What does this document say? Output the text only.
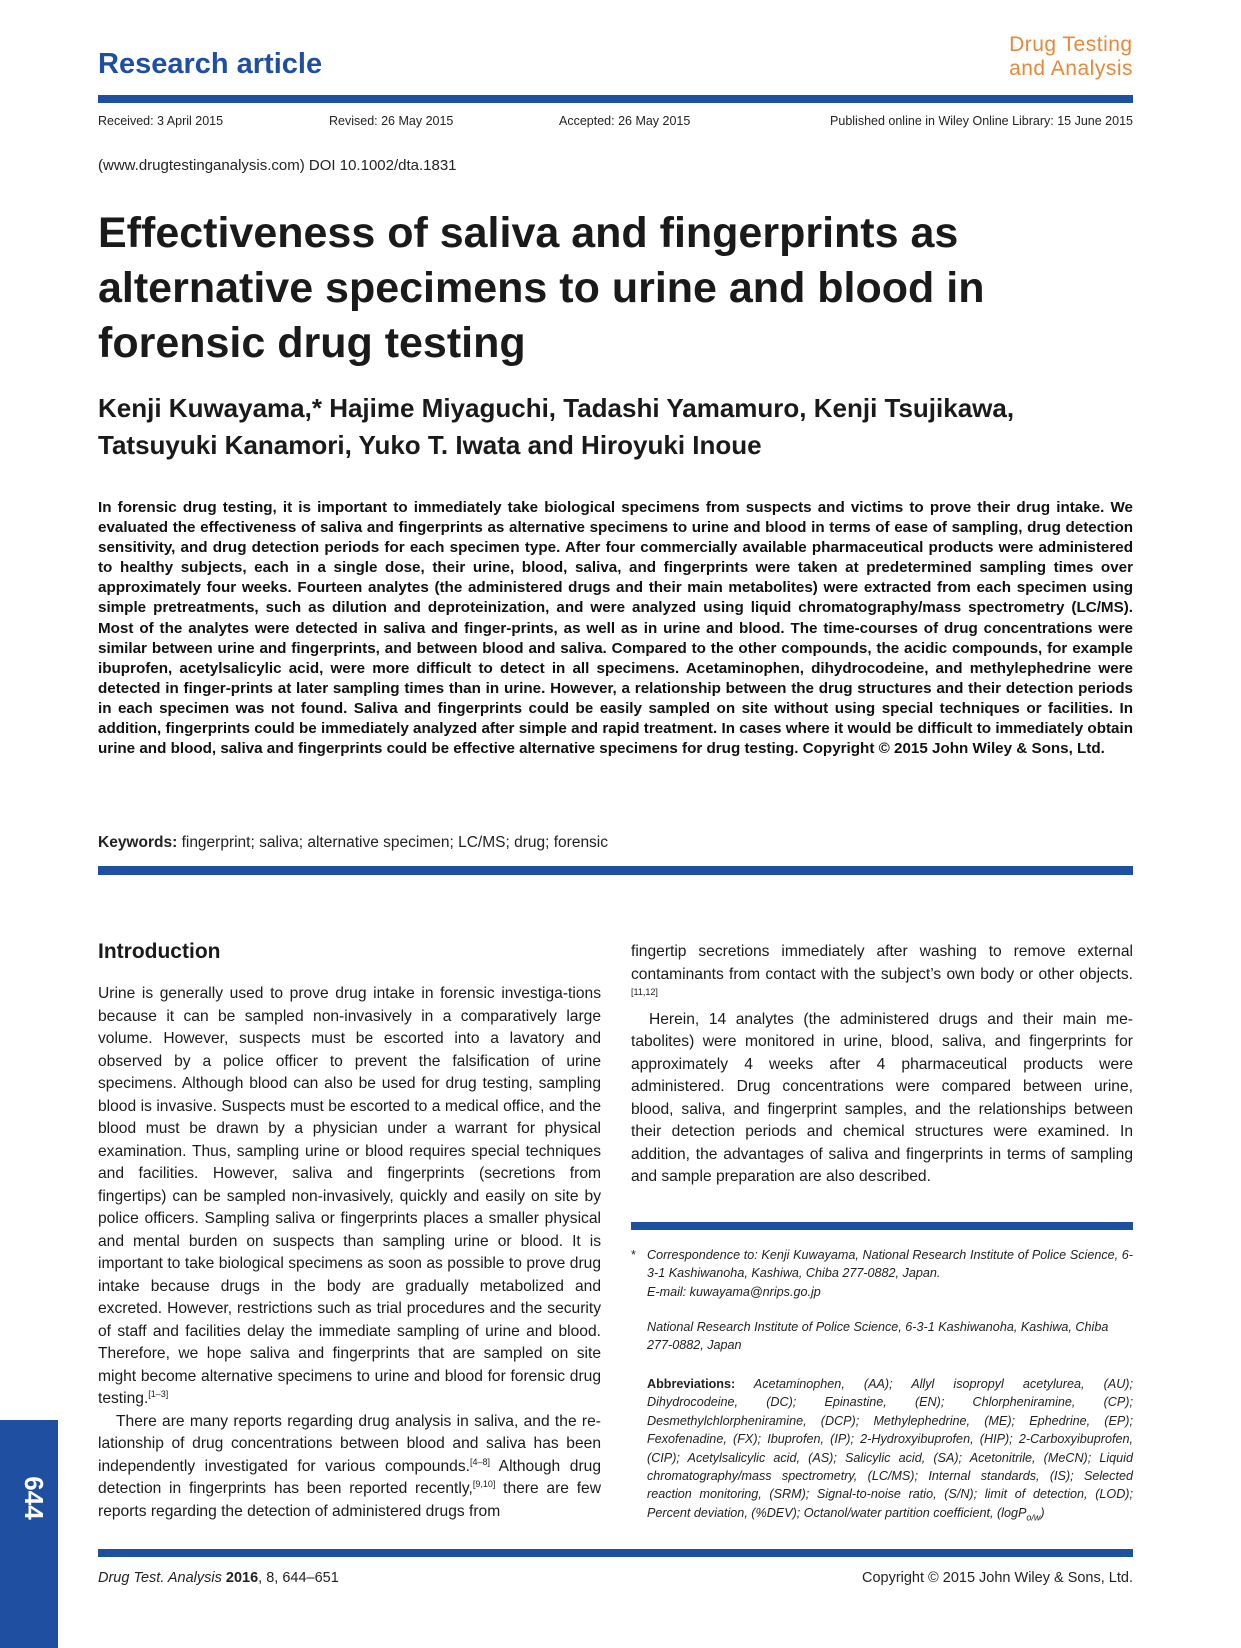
Research article
Drug Testing
and Analysis
Received: 3 April 2015	Revised: 26 May 2015	Accepted: 26 May 2015	Published online in Wiley Online Library: 15 June 2015
(www.drugtestinganalysis.com) DOI 10.1002/dta.1831
Effectiveness of saliva and fingerprints as alternative specimens to urine and blood in forensic drug testing
Kenji Kuwayama,* Hajime Miyaguchi, Tadashi Yamamuro, Kenji Tsujikawa, Tatsuyuki Kanamori, Yuko T. Iwata and Hiroyuki Inoue
In forensic drug testing, it is important to immediately take biological specimens from suspects and victims to prove their drug intake. We evaluated the effectiveness of saliva and fingerprints as alternative specimens to urine and blood in terms of ease of sampling, drug detection sensitivity, and drug detection periods for each specimen type. After four commercially available pharmaceutical products were administered to healthy subjects, each in a single dose, their urine, blood, saliva, and fingerprints were taken at predetermined sampling times over approximately four weeks. Fourteen analytes (the administered drugs and their main metabolites) were extracted from each specimen using simple pretreatments, such as dilution and deproteinization, and were analyzed using liquid chromatography/mass spectrometry (LC/MS). Most of the analytes were detected in saliva and finger-prints, as well as in urine and blood. The time-courses of drug concentrations were similar between urine and fingerprints, and between blood and saliva. Compared to the other compounds, the acidic compounds, for example ibuprofen, acetylsalicylic acid, were more difficult to detect in all specimens. Acetaminophen, dihydrocodeine, and methylephedrine were detected in finger-prints at later sampling times than in urine. However, a relationship between the drug structures and their detection periods in each specimen was not found. Saliva and fingerprints could be easily sampled on site without using special techniques or facilities. In addition, fingerprints could be immediately analyzed after simple and rapid treatment. In cases where it would be difficult to immediately obtain urine and blood, saliva and fingerprints could be effective alternative specimens for drug testing. Copyright © 2015 John Wiley & Sons, Ltd.
Keywords: fingerprint; saliva; alternative specimen; LC/MS; drug; forensic
Introduction

Urine is generally used to prove drug intake in forensic investiga-tions because it can be sampled non-invasively in a comparatively large volume. However, suspects must be escorted into a lavatory and observed by a police officer to prevent the falsification of urine specimens. Although blood can also be used for drug testing, sampling blood is invasive. Suspects must be escorted to a medical office, and the blood must be drawn by a physician under a warrant for physical examination. Thus, sampling urine or blood requires special techniques and facilities. However, saliva and fingerprints (secretions from fingertips) can be sampled non-invasively, quickly and easily on site by police officers. Sampling saliva or fingerprints places a smaller physical and mental burden on suspects than sampling urine or blood. It is important to take biological specimens as soon as possible to prove drug intake because drugs in the body are gradually metabolized and excreted. However, restrictions such as trial procedures and the security of staff and facilities delay the immediate sampling of urine and blood. Therefore, we hope saliva and fingerprints that are sampled on site might become alternative specimens to urine and blood for forensic drug testing.[1–3]

There are many reports regarding drug analysis in saliva, and the re-lationship of drug concentrations between blood and saliva has been independently investigated for various compounds.[4–8] Although drug detection in fingerprints has been reported recently,[9,10] there are few reports regarding the detection of administered drugs from

fingertip secretions immediately after washing to remove external contaminants from contact with the subject’s own body or other objects.[11,12]

Herein, 14 analytes (the administered drugs and their main me-tabolites) were monitored in urine, blood, saliva, and fingerprints for approximately 4 weeks after 4 pharmaceutical products were administered. Drug concentrations were compared between urine, blood, saliva, and fingerprint samples, and the relationships between their detection periods and chemical structures were examined. In addition, the advantages of saliva and fingerprints in terms of sampling and sample preparation are also described.

* Correspondence to: Kenji Kuwayama, National Research Institute of Police Science, 6-3-1 Kashiwanoha, Kashiwa, Chiba 277-0882, Japan.
E-mail: kuwayama@nrips.go.jp
National Research Institute of Police Science, 6-3-1 Kashiwanoha, Kashiwa, Chiba 277-0882, Japan
Abbreviations: Acetaminophen, (AA); Allyl isopropyl acetylurea, (AU); Dihydrocodeine, (DC); Epinastine, (EN); Chlorpheniramine, (CP); Desmethylchlorpheniramine, (DCP); Methylephedrine, (ME); Ephedrine, (EP); Fexofenadine, (FX); Ibuprofen, (IP); 2-Hydroxyibuprofen, (HIP); 2-Carboxyibuprofen, (CIP); Acetylsalicylic acid, (AS); Salicylic acid, (SA); Acetonitrile, (MeCN); Liquid chromatography/mass spectrometry, (LC/MS); Internal standards, (IS); Selected reaction monitoring, (SRM); Signal-to-noise ratio, (S/N); limit of detection, (LOD); Percent deviation, (%DEV); Octanol/water partition coefficient, (logP$_{o/w}$)
644
Drug Test. Analysis 2016, 8, 644–651	Copyright © 2015 John Wiley & Sons, Ltd.
